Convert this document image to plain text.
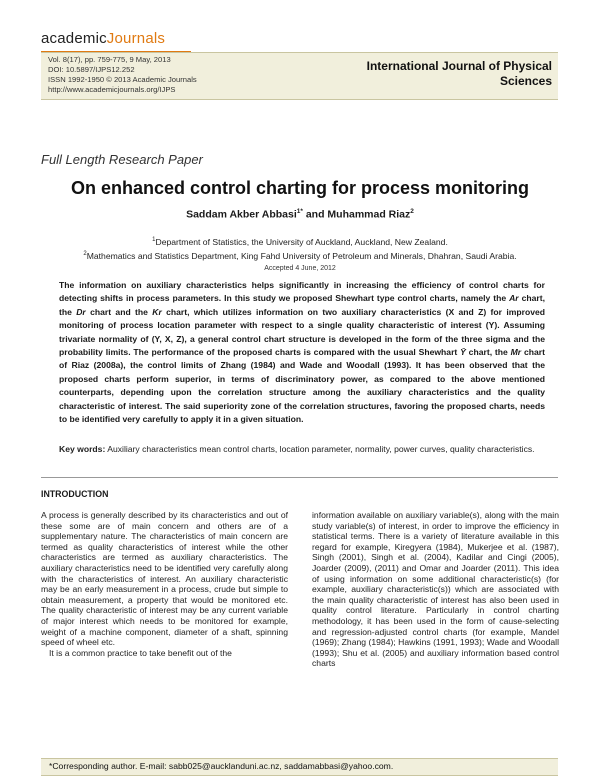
academicJournals
Vol. 8(17), pp. 759-775, 9 May, 2013
DOI: 10.5897/IJPS12.252
ISSN 1992-1950 © 2013 Academic Journals
http://www.academicjournals.org/IJPS
International Journal of Physical Sciences
Full Length Research Paper
On enhanced control charting for process monitoring
Saddam Akber Abbasi$^{1*}$ and Muhammad Riaz$^2$
$^1$Department of Statistics, the University of Auckland, Auckland, New Zealand.
$^2$Mathematics and Statistics Department, King Fahd University of Petroleum and Minerals, Dhahran, Saudi Arabia.
Accepted 4 June, 2012
The information on auxiliary characteristics helps significantly in increasing the efficiency of control charts for detecting shifts in process parameters. In this study we proposed Shewhart type control charts, namely the Ar chart, the Dr chart and the Kr chart, which utilizes information on two auxiliary characteristics (X and Z) for improved monitoring of process location parameter with respect to a single quality characteristic of interest (Y). Assuming trivariate normality of (Y, X, Z), a general control chart structure is developed in the form of the three sigma and the probability limits. The performance of the proposed charts is compared with the usual Shewhart Ȳ chart, the Mr chart of Riaz (2008a), the control limits of Zhang (1984) and Wade and Woodall (1993). It has been observed that the proposed charts perform superior, in terms of discriminatory power, as compared to the above mentioned counterparts, depending upon the correlation structure among the auxiliary characteristics and the quality characteristic of interest. The said superiority zone of the correlation structures, favoring the proposed charts, needs to be identified very carefully to apply it in a given situation.
Key words: Auxiliary characteristics mean control charts, location parameter, normality, power curves, quality characteristics.
INTRODUCTION

A process is generally described by its characteristics and out of these some are of main concern and others are of a supplementary nature. The characteristics of main concern are termed as quality characteristics of interest while the other characteristics are termed as auxiliary characteristics. The auxiliary characteristics need to be identified very carefully along with the characteristics of interest. An auxiliary characteristic may be an early measurement in a process, crude but simple to obtain measurement, a property that would be monitored etc. The quality characteristic of interest may be any current variable of major interest which needs to be monitored for example, weight of a machine component, diameter of a shaft, spinning speed of wheel etc.

It is a common practice to take benefit out of the

information available on auxiliary variable(s), along with the main study variable(s) of interest, in order to improve the efficiency in statistical terms. There is a variety of literature available in this regard for example, Kiregyera (1984), Mukerjee et al. (1987), Singh (2001), Singh et al. (2004), Kadilar and Cingi (2005), Joarder (2009), (2011) and Omar and Joarder (2011). This idea of using information on some additional characteristic(s) (for example, auxiliary characteristic(s)) which are associated with the main quality characteristic of interest has also been used in quality control literature. Particularly in control charting methodology, it has been used in the form of cause-selecting and regression-adjusted control charts (for example, Mandel (1969); Zhang (1984); Hawkins (1991, 1993); Wade and Woodall (1993); Shu et al. (2005) and auxiliary information based control charts

*Corresponding author. E-mail: sabb025@aucklanduni.ac.nz, saddamabbasi@yahoo.com.
